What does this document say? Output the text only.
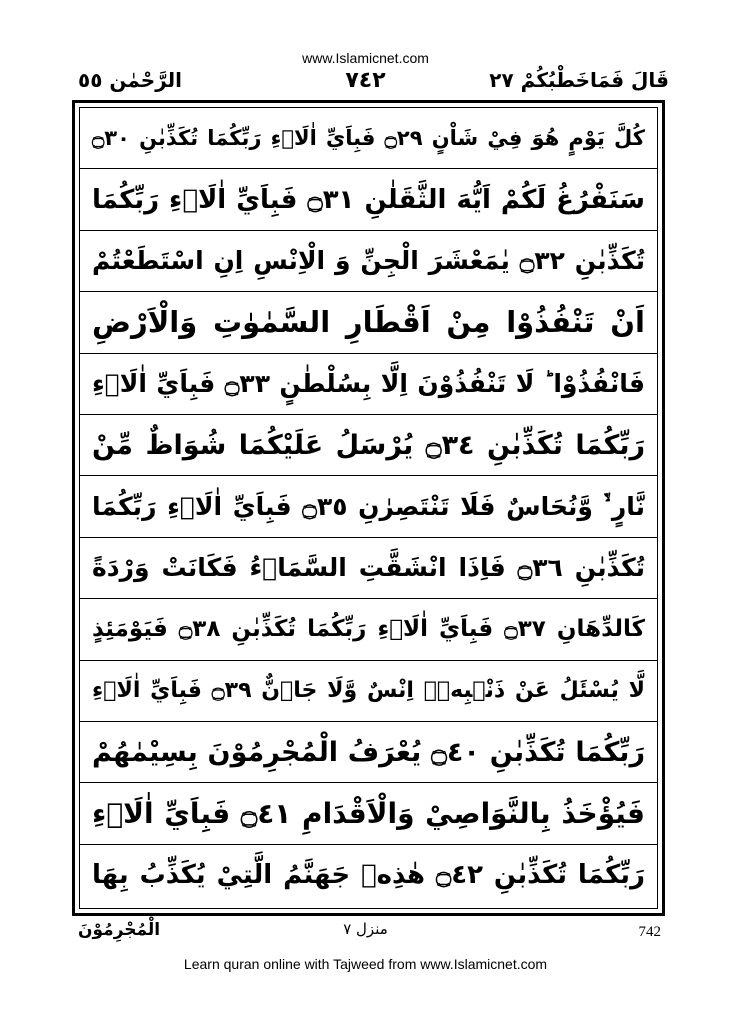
www.Islamicnet.com
الرَّحْمٰن ٥٥	٧٤٢	قَالَ فَمَاخَطْبُكُمْ ٢٧
كُلَّ يَوْمٍ هُوَ فِيْ شَاْنٍ ۝٢٩ فَبِاَيِّ اٰلَاۤءِ رَبِّكُمَا تُكَذِّبٰنِ ۝٣٠
سَنَفْرُغُ لَكُمْ اَيُّهَ الثَّقَلٰنِ ۝٣١ فَبِاَيِّ اٰلَاۤءِ رَبِّكُمَا
تُكَذِّبٰنِ ۝٣٢ يٰمَعْشَرَ الْجِنِّ وَ الْاِنْسِ اِنِ اسْتَطَعْتُمْ
اَنْ تَنْفُذُوْا مِنْ اَقْطَارِ السَّمٰوٰتِ وَالْاَرْضِ
فَانْفُذُوْا ؕ لَا تَنْفُذُوْنَ اِلَّا بِسُلْطٰنٍ ۝٣٣ فَبِاَيِّ اٰلَاۤءِ
رَبِّكُمَا تُكَذِّبٰنِ ۝٣٤ يُرْسَلُ عَلَيْكُمَا شُوَاظٌ مِّنْ
نَّارٍ ۙ۬ وَّنُحَاسٌ فَلَا تَنْتَصِرٰنِ ۝٣٥ فَبِاَيِّ اٰلَاۤءِ رَبِّكُمَا
تُكَذِّبٰنِ ۝٣٦ فَاِذَا انْشَقَّتِ السَّمَاۤءُ فَكَانَتْ وَرْدَةً
كَالدِّهَانِ ۝٣٧ فَبِاَيِّ اٰلَاۤءِ رَبِّكُمَا تُكَذِّبٰنِ ۝٣٨ فَيَوْمَئِذٍ
لَّا يُسْئَلُ عَنْ ذَنْۢبِهٖۤ اِنْسٌ وَّلَا جَاۤنٌّ ۝٣٩ فَبِاَيِّ اٰلَاۤءِ
رَبِّكُمَا تُكَذِّبٰنِ ۝٤٠ يُعْرَفُ الْمُجْرِمُوْنَ بِسِيْمٰهُمْ
فَيُؤْخَذُ بِالنَّوَاصِيْ وَالْاَقْدَامِ ۝٤١ فَبِاَيِّ اٰلَاۤءِ
رَبِّكُمَا تُكَذِّبٰنِ ۝٤٢ هٰذِهٖ جَهَنَّمُ الَّتِيْ يُكَذِّبُ بِهَا
الْمُجْرِمُوْنَ	منزل ٧	742
Learn quran online with Tajweed from www.Islamicnet.com
